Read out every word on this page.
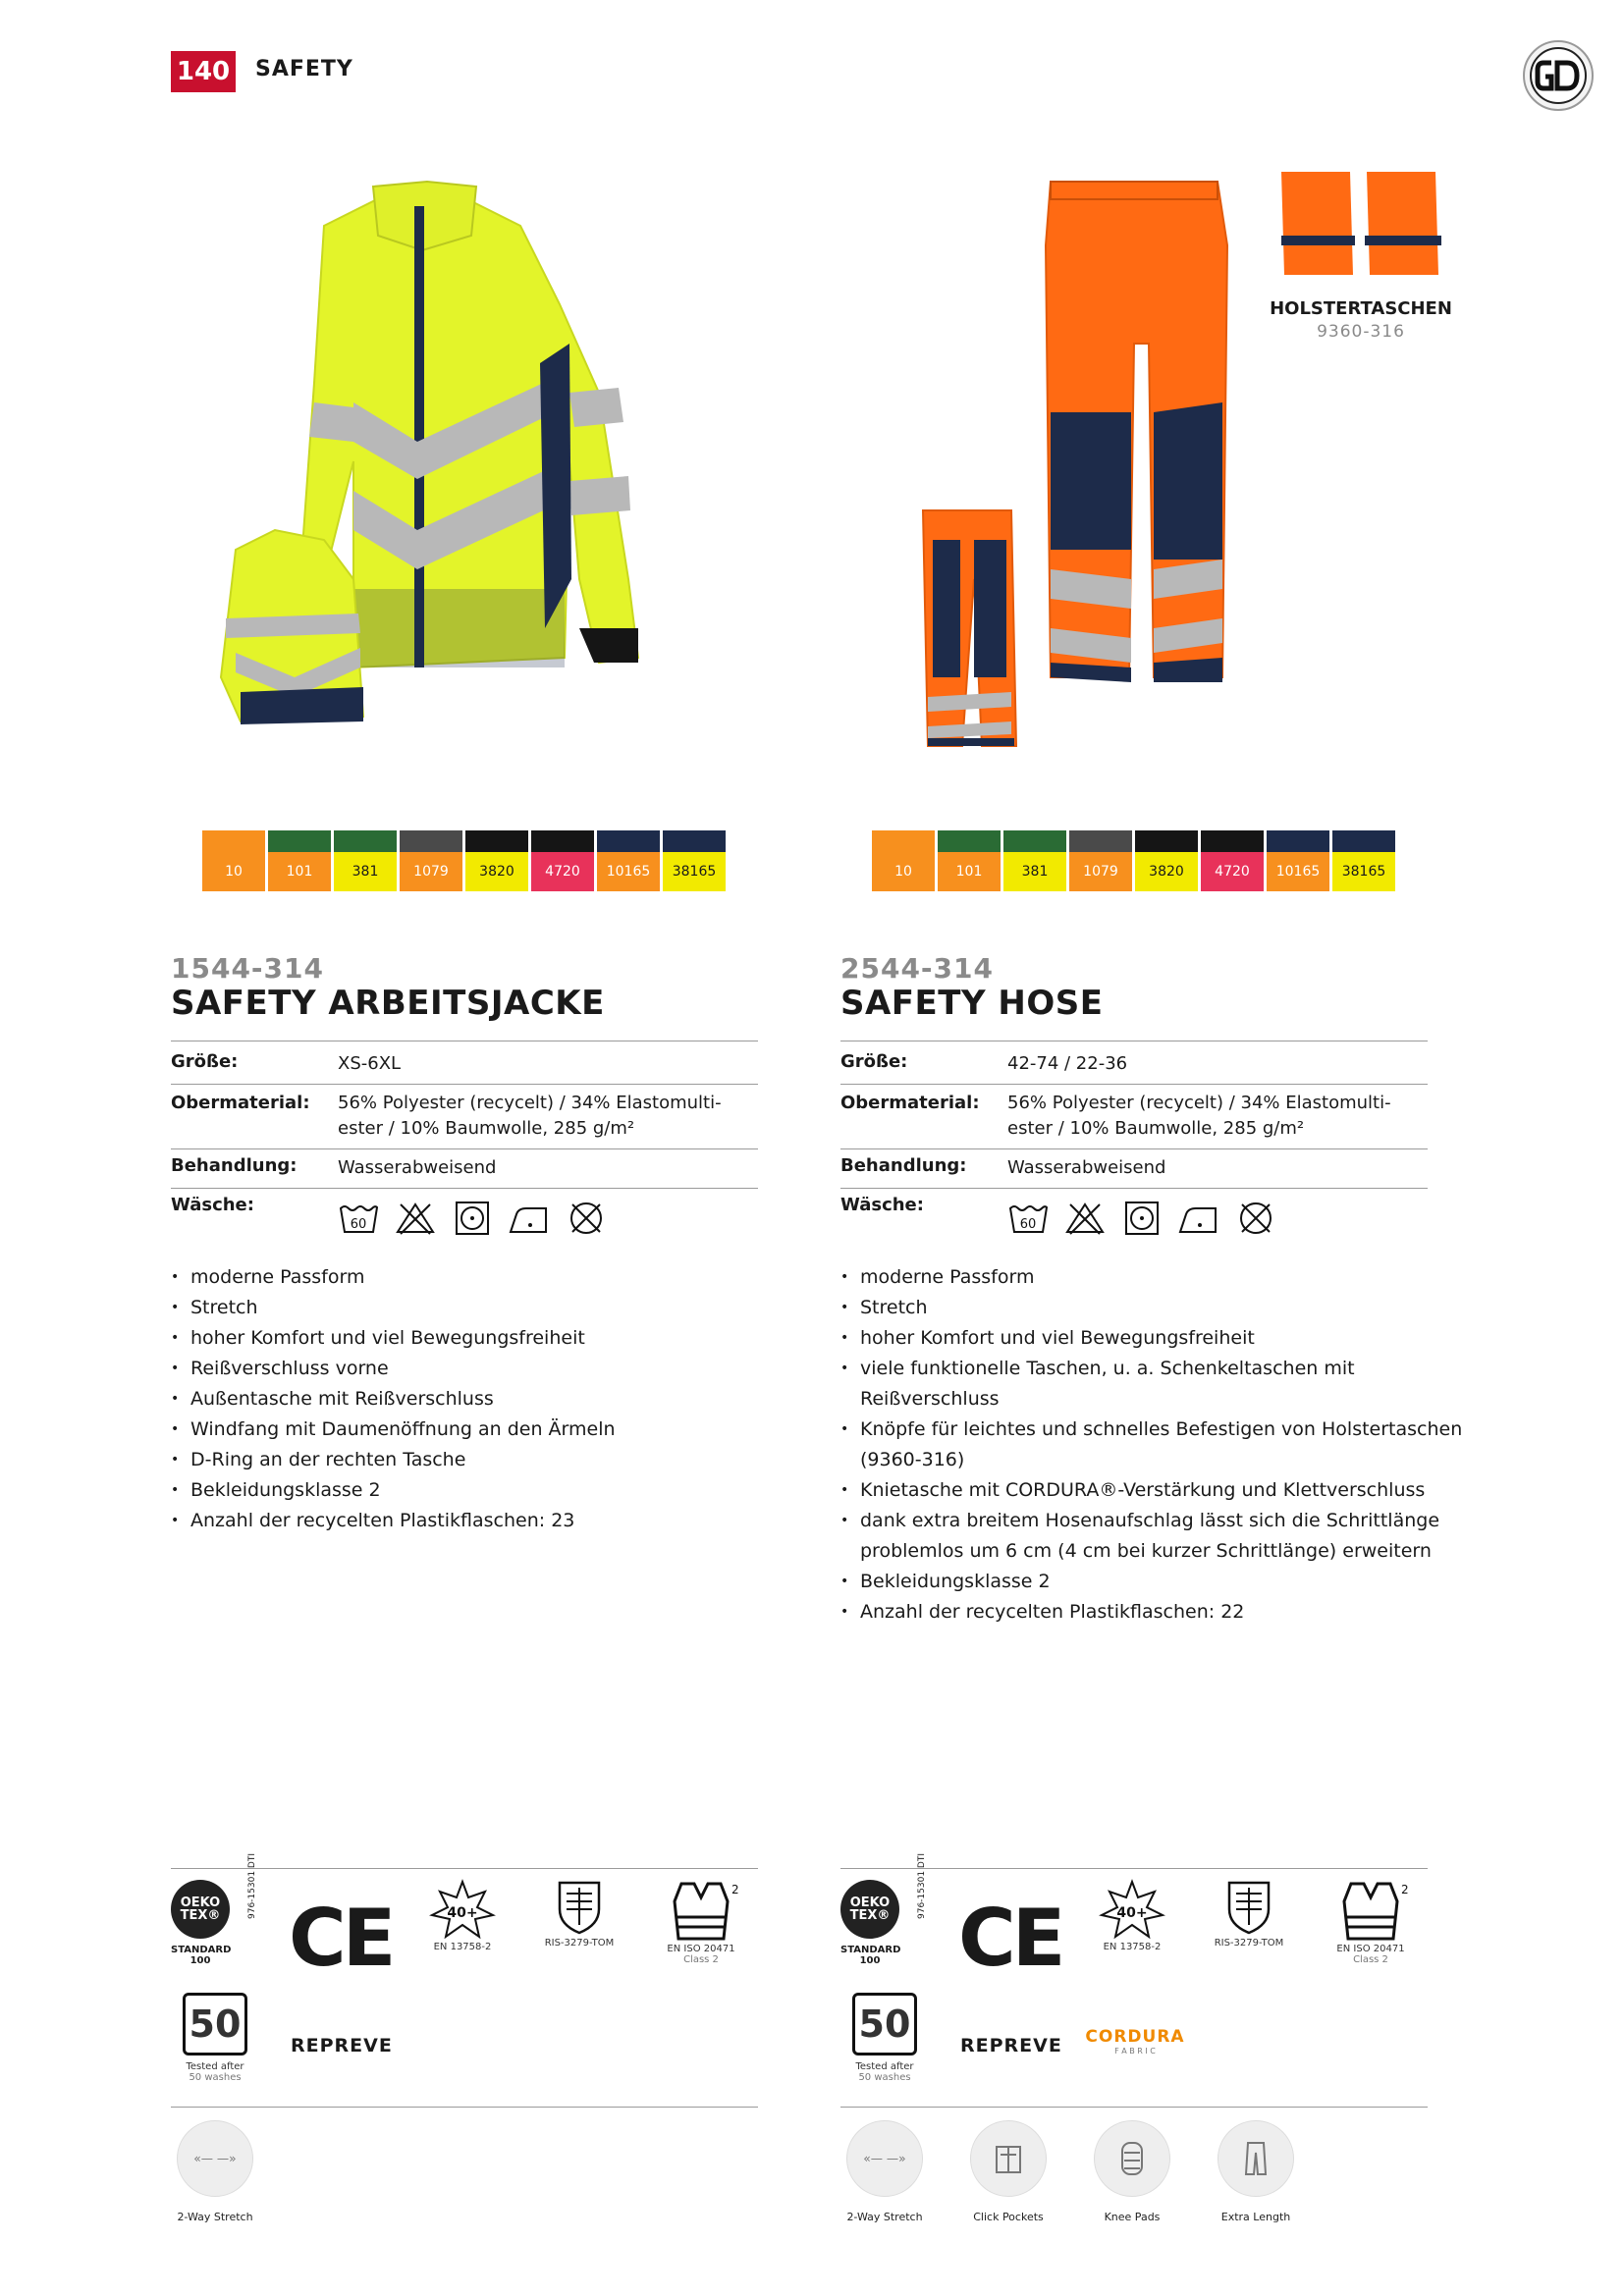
140 SAFETY
HOLSTERTASCHEN
9360-316
10	101	381	1079	3820	4720	10165	38165	10	101	381	1079	3820	4720	10165	38165
1544-314
SAFETY ARBEITSJACKE
Größe:	XS-6XL
Obermaterial:	56% Polyester (recycelt) / 34% Elastomulti-
ester / 10% Baumwolle, 285 g/m²
Behandlung:	Wasserabweisend
Wäsche:
60
• moderne Passform
• Stretch
• hoher Komfort und viel Bewegungsfreiheit
• Reißverschluss vorne
• Außentasche mit Reißverschluss
• Windfang mit Daumenöffnung an den Ärmeln
• D-Ring an der rechten Tasche
• Bekleidungsklasse 2
• Anzahl der recycelten Plastikflaschen: 23
2544-314
SAFETY HOSE
Größe:	42-74 / 22-36
Obermaterial:	56% Polyester (recycelt) / 34% Elastomulti-
ester / 10% Baumwolle, 285 g/m²
Behandlung:	Wasserabweisend
Wäsche:
60
• moderne Passform
• Stretch
• hoher Komfort und viel Bewegungsfreiheit
• viele funktionelle Taschen, u. a. Schenkeltaschen mit
Reißverschluss
• Knöpfe für leichtes und schnelles Befestigen von Holstertaschen
(9360-316)
• Knietasche mit CORDURA®-Verstärkung und Klettverschluss
• dank extra breitem Hosenaufschlag lässt sich die Schrittlänge
problemlos um 6 cm (4 cm bei kurzer Schrittlänge) erweitern
• Bekleidungsklasse 2
• Anzahl der recycelten Plastikflaschen: 22
OEKO
TEX®
STANDARD
100
976-15301 DTI
CE	40+
EN 13758-2	RIS-3279-TOM
2
EN ISO 20471
Class 2
50
Tested after
50 washes
REPREVE
OEKO
TEX®
STANDARD
100
976-15301 DTI
CE	40+
EN 13758-2	RIS-3279-TOM
2
EN ISO 20471
Class 2
50
Tested after
50 washes
REPREVE CORDURA
F A B R I C
«— —»
2-Way Stretch
«— —»
2-Way Stretch	Click Pockets	Knee Pads	Extra Length
